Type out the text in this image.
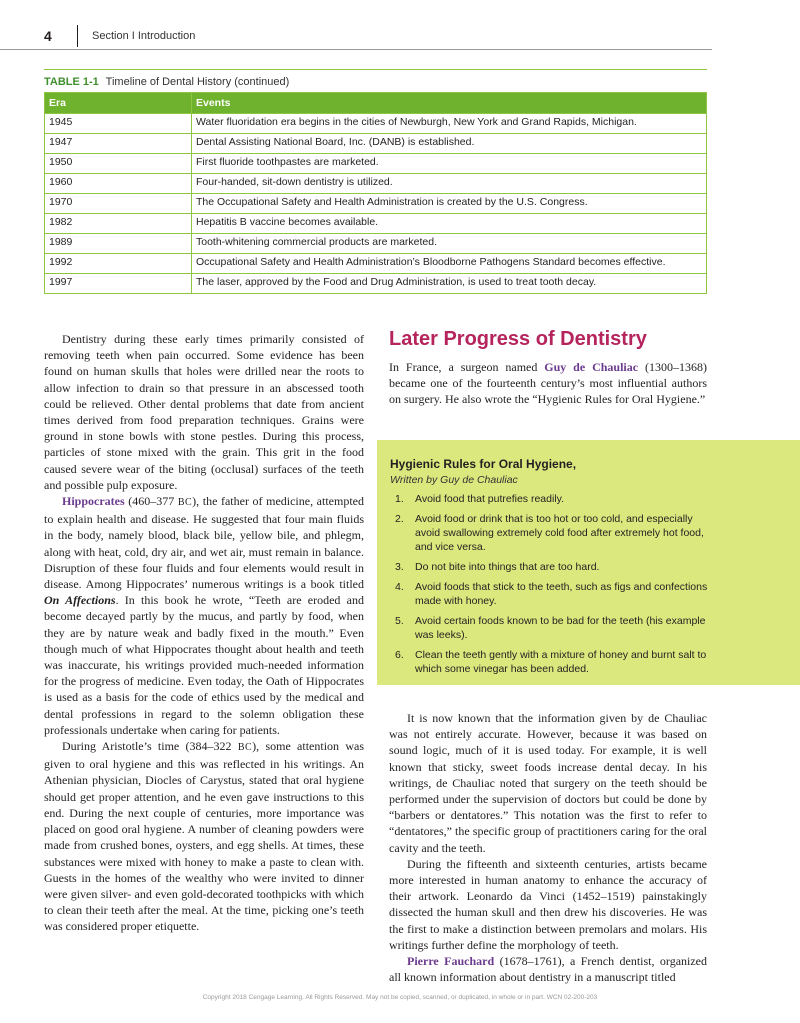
4	Section I Introduction
TABLE 1-1 Timeline of Dental History (continued)
Era	Events
1945	Water fluoridation era begins in the cities of Newburgh, New York and Grand Rapids, Michigan.
1947	Dental Assisting National Board, Inc. (DANB) is established.
1950	First fluoride toothpastes are marketed.
1960	Four-handed, sit-down dentistry is utilized.
1970	The Occupational Safety and Health Administration is created by the U.S. Congress.
1982	Hepatitis B vaccine becomes available.
1989	Tooth-whitening commercial products are marketed.
1992	Occupational Safety and Health Administration’s Bloodborne Pathogens Standard becomes effective.
1997	The laser, approved by the Food and Drug Administration, is used to treat tooth decay.

Dentistry during these early times primarily consisted of removing teeth when pain occurred. Some evidence has been found on human skulls that holes were drilled near the roots to allow infection to drain so that pressure in an abscessed tooth could be relieved. Other dental problems that date from ancient times derived from food preparation techniques. Grains were ground in stone bowls with stone pestles. During this process, particles of stone mixed with the grain. This grit in the food caused severe wear of the biting (occlusal) surfaces of the teeth and possible pulp exposure.

Hippocrates (460–377 BC), the father of medicine, attempted to explain health and disease. He suggested that four main fluids in the body, namely blood, black bile, yellow bile, and phlegm, along with heat, cold, dry air, and wet air, must remain in balance. Disruption of these four fluids and four elements would result in disease. Among Hippocrates’ numerous writings is a book titled On Affections. In this book he wrote, “Teeth are eroded and become decayed partly by the mucus, and partly by food, when they are by nature weak and badly fixed in the mouth.” Even though much of what Hippocrates thought about health and teeth was inaccurate, his writings provided much-needed information for the progress of medicine. Even today, the Oath of Hippocrates is used as a basis for the code of ethics used by the medical and dental professions in regard to the solemn obligation these professionals undertake when caring for patients.

During Aristotle’s time (384–322 BC), some attention was given to oral hygiene and this was reflected in his writings. An Athenian physician, Diocles of Carystus, stated that oral hygiene should get proper attention, and he even gave instructions to this end. During the next couple of centuries, more importance was placed on good oral hygiene. A number of cleaning powders were made from crushed bones, oysters, and egg shells. At times, these substances were mixed with honey to make a paste to clean with. Guests in the homes of the wealthy who were invited to dinner were given silver- and even gold-decorated toothpicks with which to clean their teeth after the meal. At the time, picking one’s teeth was considered proper etiquette.

Later Progress of Dentistry

In France, a surgeon named Guy de Chauliac (1300–1368) became one of the fourteenth century’s most influential authors on surgery. He also wrote the “Hygienic Rules for Oral Hygiene.”

Hygienic Rules for Oral Hygiene,
Written by Guy de Chauliac
1. Avoid food that putrefies readily.
2. Avoid food or drink that is too hot or too cold, and especially avoid swallowing extremely cold food after extremely hot food, and vice versa.
3. Do not bite into things that are too hard.
4. Avoid foods that stick to the teeth, such as figs and confections made with honey.
5. Avoid certain foods known to be bad for the teeth (his example was leeks).
6. Clean the teeth gently with a mixture of honey and burnt salt to which some vinegar has been added.

It is now known that the information given by de Chauliac was not entirely accurate. However, because it was based on sound logic, much of it is used today. For example, it is well known that sticky, sweet foods increase dental decay. In his writings, de Chauliac noted that surgery on the teeth should be performed under the supervision of doctors but could be done by “barbers or dentatores.” This notation was the first to refer to “dentatores,” the specific group of practitioners caring for the oral cavity and the teeth.

During the fifteenth and sixteenth centuries, artists became more interested in human anatomy to enhance the accuracy of their artwork. Leonardo da Vinci (1452–1519) painstakingly dissected the human skull and then drew his discoveries. He was the first to make a distinction between premolars and molars. His writings further define the morphology of teeth.

Pierre Fauchard (1678–1761), a French dentist, organized all known information about dentistry in a manuscript titled

Copyright 2018 Cengage Learning. All Rights Reserved. May not be copied, scanned, or duplicated, in whole or in part. WCN 02-200-203
